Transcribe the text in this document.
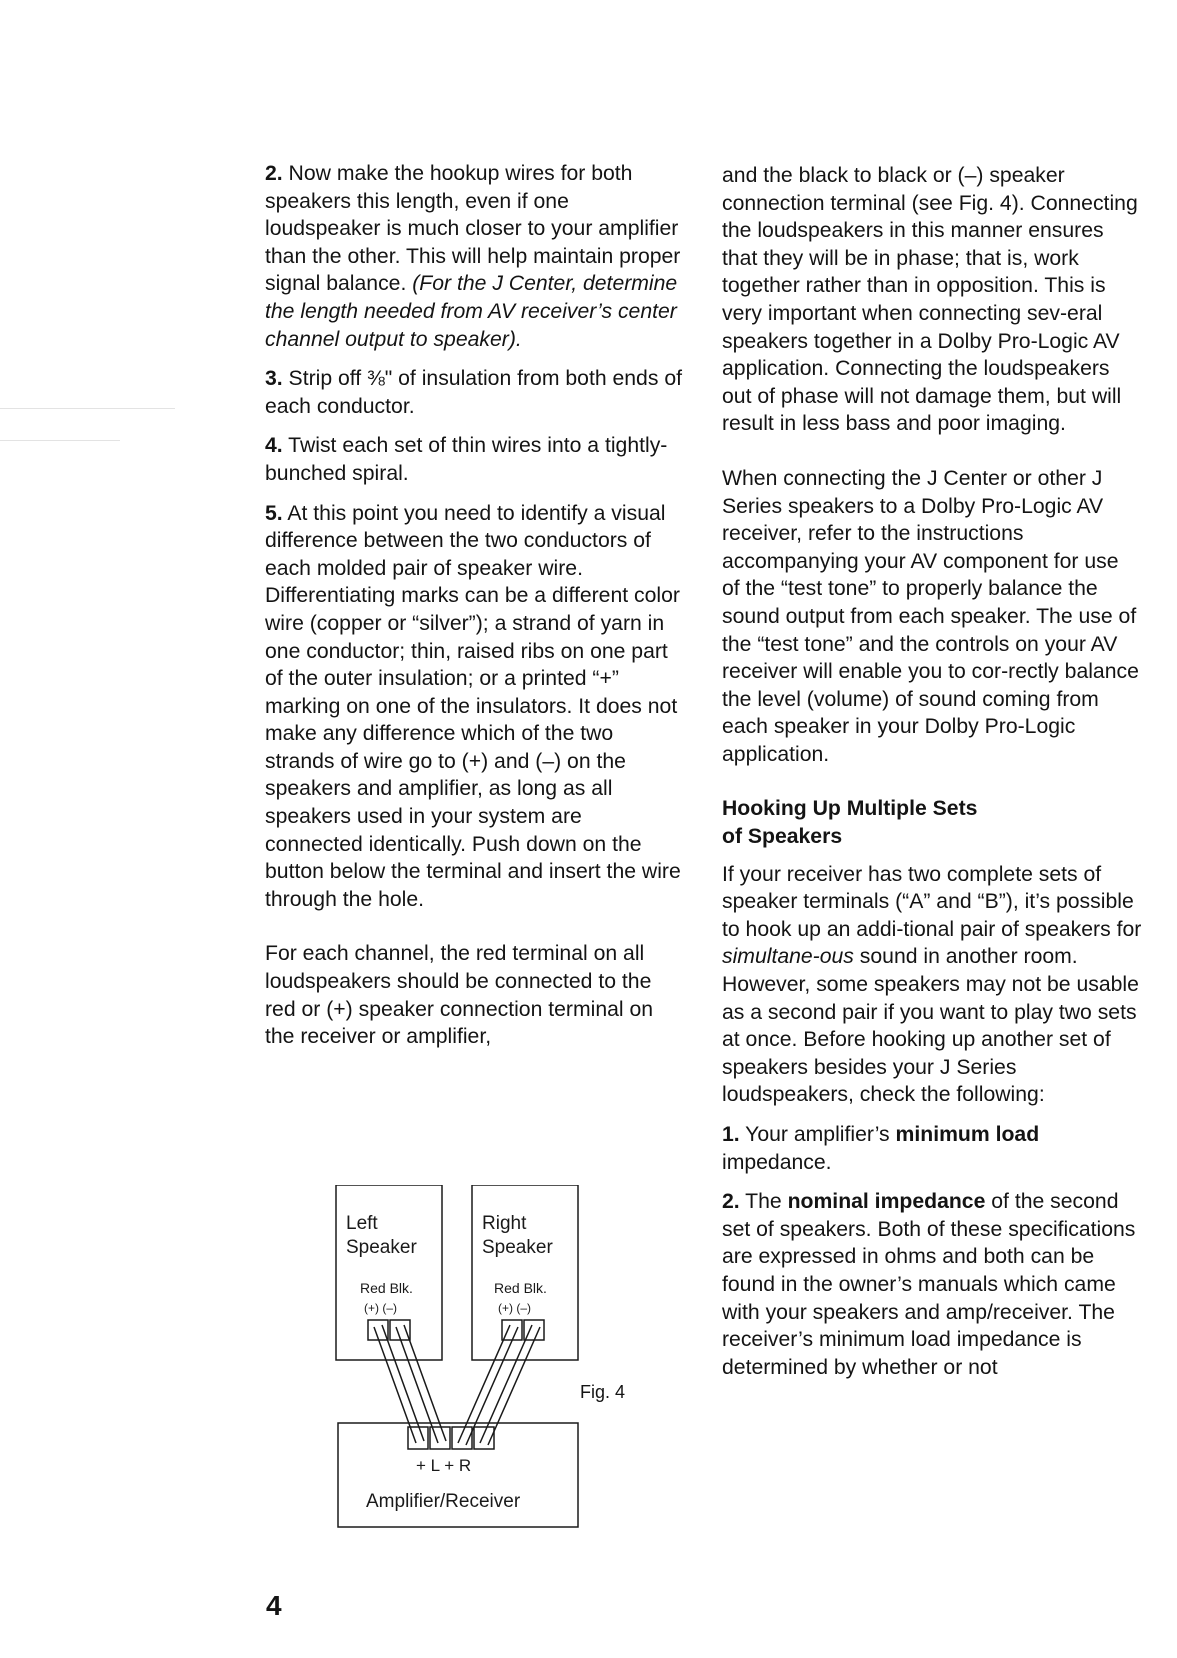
2. Now make the hookup wires for both speakers this length, even if one loudspeaker is much closer to your amplifier than the other. This will help maintain proper signal balance. (For the J Center, determine the length needed from AV receiver’s center channel output to speaker).

3. Strip off ⅜" of insulation from both ends of each conductor.

4. Twist each set of thin wires into a tightly-bunched spiral.

5. At this point you need to identify a visual difference between the two conductors of each molded pair of speaker wire. Differentiating marks can be a different color wire (copper or “silver”); a strand of yarn in one conductor; thin, raised ribs on one part of the outer insulation; or a printed “+” marking on one of the insulators. It does not make any difference which of the two strands of wire go to (+) and (–) on the speakers and amplifier, as long as all speakers used in your system are connected identically. Push down on the button below the terminal and insert the wire through the hole.

For each channel, the red terminal on all loudspeakers should be connected to the red or (+) speaker connection terminal on the receiver or amplifier,

Left
Speaker
Right
Speaker
Red Blk.
(+) (–)
Red Blk.
(+) (–)
+ L + R
Amplifier/Receiver
Fig. 4

and the black to black or (–) speaker connection terminal (see Fig. 4). Connecting the loudspeakers in this manner ensures that they will be in phase; that is, work together rather than in opposition. This is very important when connecting sev-eral speakers together in a Dolby Pro-Logic AV application. Connecting the loudspeakers out of phase will not damage them, but will result in less bass and poor imaging.

When connecting the J Center or other J Series speakers to a Dolby Pro-Logic AV receiver, refer to the instructions accompanying your AV component for use of the “test tone” to properly balance the sound output from each speaker. The use of the “test tone” and the controls on your AV receiver will enable you to cor-rectly balance the level (volume) of sound coming from each speaker in your Dolby Pro-Logic application.

Hooking Up Multiple Sets
of Speakers

If your receiver has two complete sets of speaker terminals (“A” and “B”), it’s possible to hook up an addi-tional pair of speakers for simultane-ous sound in another room. However, some speakers may not be usable as a second pair if you want to play two sets at once. Before hooking up another set of speakers besides your J Series loudspeakers, check the following:

1. Your amplifier’s minimum load impedance.

2. The nominal impedance of the second set of speakers. Both of these specifications are expressed in ohms and both can be found in the owner’s manuals which came with your speakers and amp/receiver. The receiver’s minimum load impedance is determined by whether or not

4
